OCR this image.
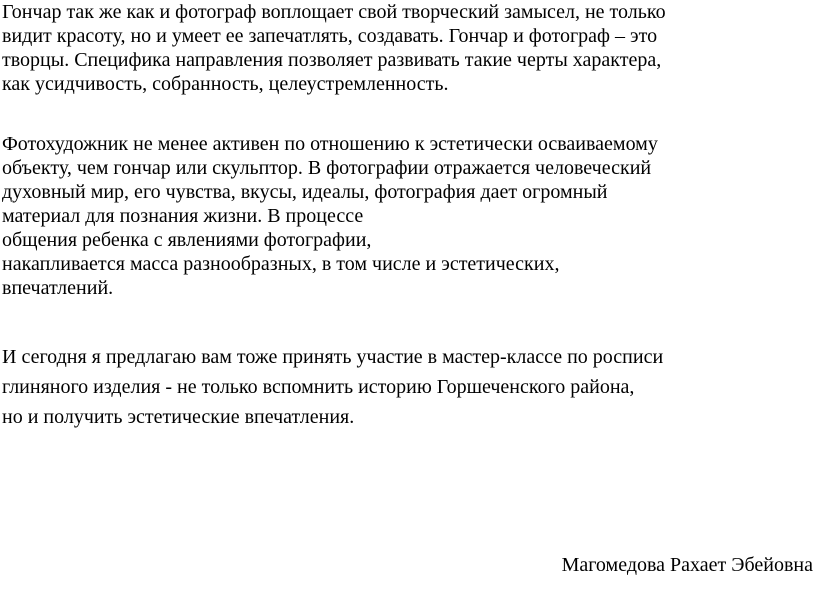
Гончар так же как и фотограф воплощает свой творческий замысел, не только
видит красоту, но и умеет ее запечатлять, создавать. Гончар и фотограф – это
творцы. Специфика направления позволяет развивать такие черты характера,
как усидчивость, собранность, целеустремленность.

Фотохудожник не менее активен по отношению к эстетически осваиваемому
объекту, чем гончар или скульптор. В фотографии отражается человеческий
духовный мир, его чувства, вкусы, идеалы, фотография дает огромный
материал для познания жизни. В процессе
общения ребенка с явлениями фотографии,
накапливается масса разнообразных, в том числе и эстетических,
впечатлений.

И сегодня я предлагаю вам тоже принять участие в мастер-классе по росписи
глиняного изделия - не только вспомнить историю Горшеченского района,
но и получить эстетические впечатления.

Магомедова Рахает Эбейовна
